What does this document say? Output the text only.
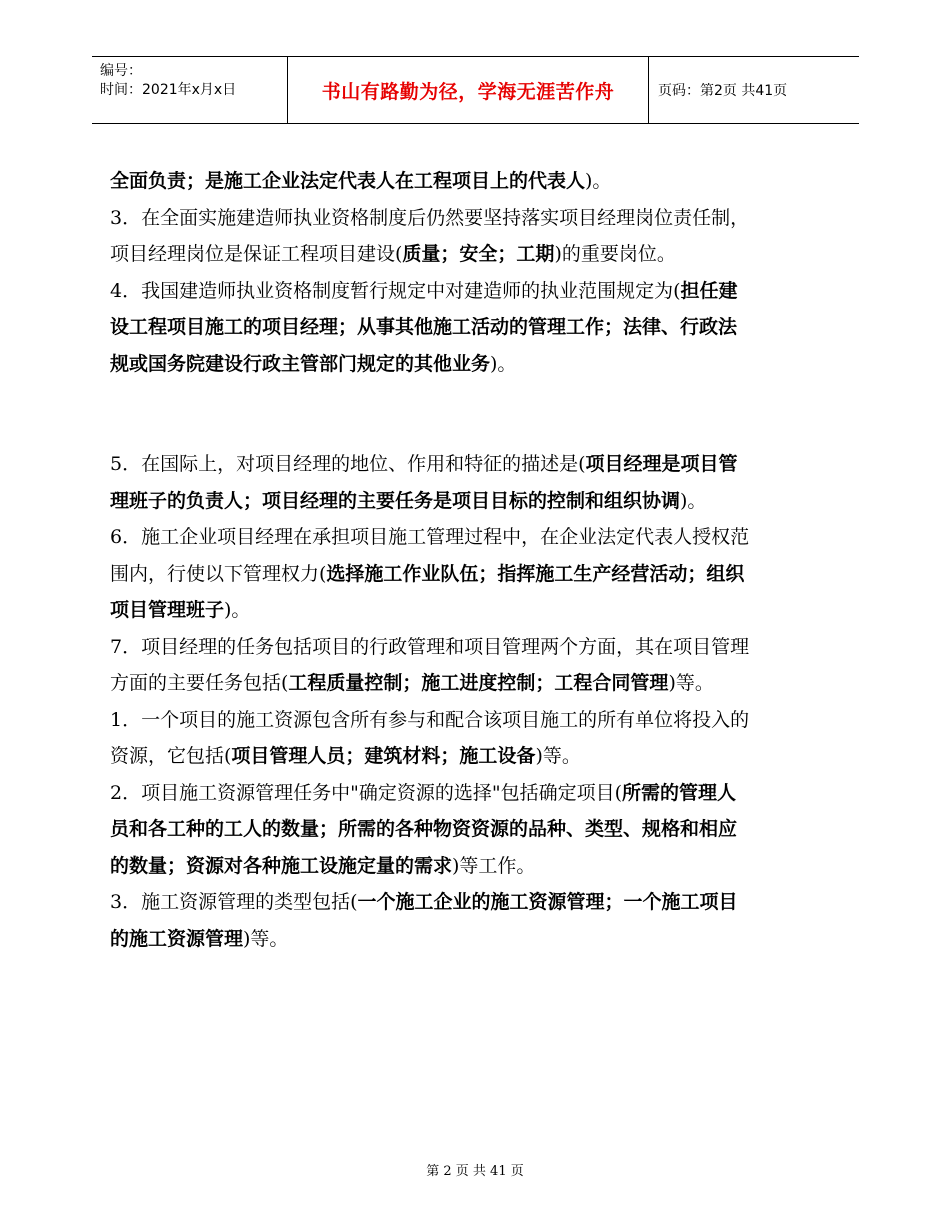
编号：
时间：2021年x月x日	书山有路勤为径，学海无涯苦作舟	页码：第2页 共41页
全面负责；是施工企业法定代表人在工程项目上的代表人)。
3．在全面实施建造师执业资格制度后仍然要坚持落实项目经理岗位责任制，
项目经理岗位是保证工程项目建设(质量；安全；工期)的重要岗位。
4．我国建造师执业资格制度暂行规定中对建造师的执业范围规定为(担任建
设工程项目施工的项目经理；从事其他施工活动的管理工作；法律、行政法
规或国务院建设行政主管部门规定的其他业务)。
5．在国际上，对项目经理的地位、作用和特征的描述是(项目经理是项目管
理班子的负责人；项目经理的主要任务是项目目标的控制和组织协调)。
6．施工企业项目经理在承担项目施工管理过程中，在企业法定代表人授权范
围内，行使以下管理权力(选择施工作业队伍；指挥施工生产经营活动；组织
项目管理班子)。
7．项目经理的任务包括项目的行政管理和项目管理两个方面，其在项目管理
方面的主要任务包括(工程质量控制；施工进度控制；工程合同管理)等。
1．一个项目的施工资源包含所有参与和配合该项目施工的所有单位将投入的
资源，它包括(项目管理人员；建筑材料；施工设备)等。
2．项目施工资源管理任务中"确定资源的选择"包括确定项目(所需的管理人
员和各工种的工人的数量；所需的各种物资资源的品种、类型、规格和相应
的数量；资源对各种施工设施定量的需求)等工作。
3．施工资源管理的类型包括(一个施工企业的施工资源管理；一个施工项目
的施工资源管理)等。
第 2 页 共 41 页
